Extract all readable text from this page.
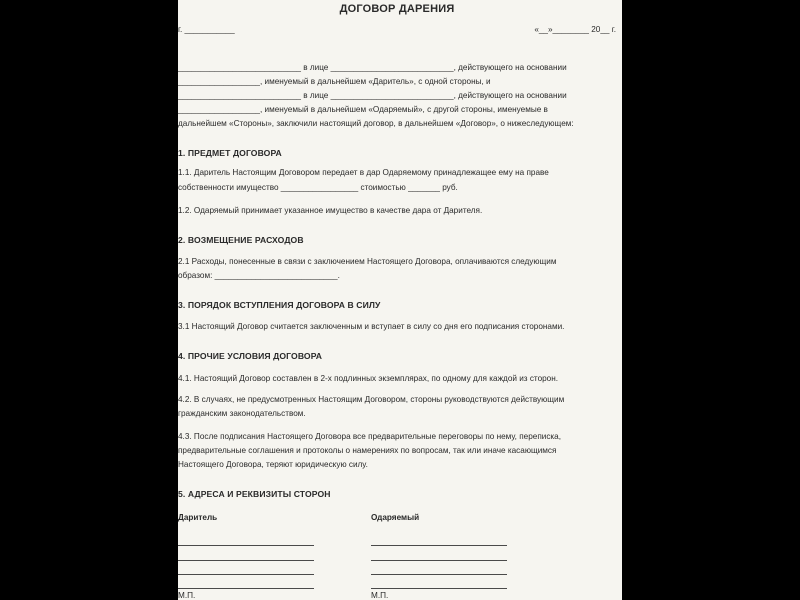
ДОГОВОР ДАРЕНИЯ
г. ___________	«__»________ 20__ г.
___________________________ в лице ___________________________, действующего на основании
__________________, именуемый в дальнейшем «Даритель», с одной стороны, и
___________________________ в лице ___________________________, действующего на основании
__________________, именуемый в дальнейшем «Одаряемый», с другой стороны, именуемые в
дальнейшем «Стороны», заключили настоящий договор, в дальнейшем «Договор», о нижеследующем:
1. ПРЕДМЕТ ДОГОВОРА
1.1. Даритель Настоящим Договором передает в дар Одаряемому принадлежащее ему на праве
собственности имущество _________________ стоимостью _______ руб.
1.2. Одаряемый принимает указанное имущество в качестве дара от Дарителя.
2. ВОЗМЕЩЕНИЕ РАСХОДОВ
2.1 Расходы, понесенные в связи с заключением Настоящего Договора, оплачиваются следующим
образом: ___________________________.
3. ПОРЯДОК ВСТУПЛЕНИЯ ДОГОВОРА В СИЛУ
3.1 Настоящий Договор считается заключенным и вступает в силу со дня его подписания сторонами.
4. ПРОЧИЕ УСЛОВИЯ ДОГОВОРА
4.1. Настоящий Договор составлен в 2-х подлинных экземплярах, по одному для каждой из сторон.
4.2. В случаях, не предусмотренных Настоящим Договором, стороны руководствуются действующим
гражданским законодательством.
4.3. После подписания Настоящего Договора все предварительные переговоры по нему, переписка,
предварительные соглашения и протоколы о намерениях по вопросам, так или иначе касающимся
Настоящего Договора, теряют юридическую силу.
5. АДРЕСА И РЕКВИЗИТЫ СТОРОН
Даритель
М.П.
Одаряемый
М.П.
